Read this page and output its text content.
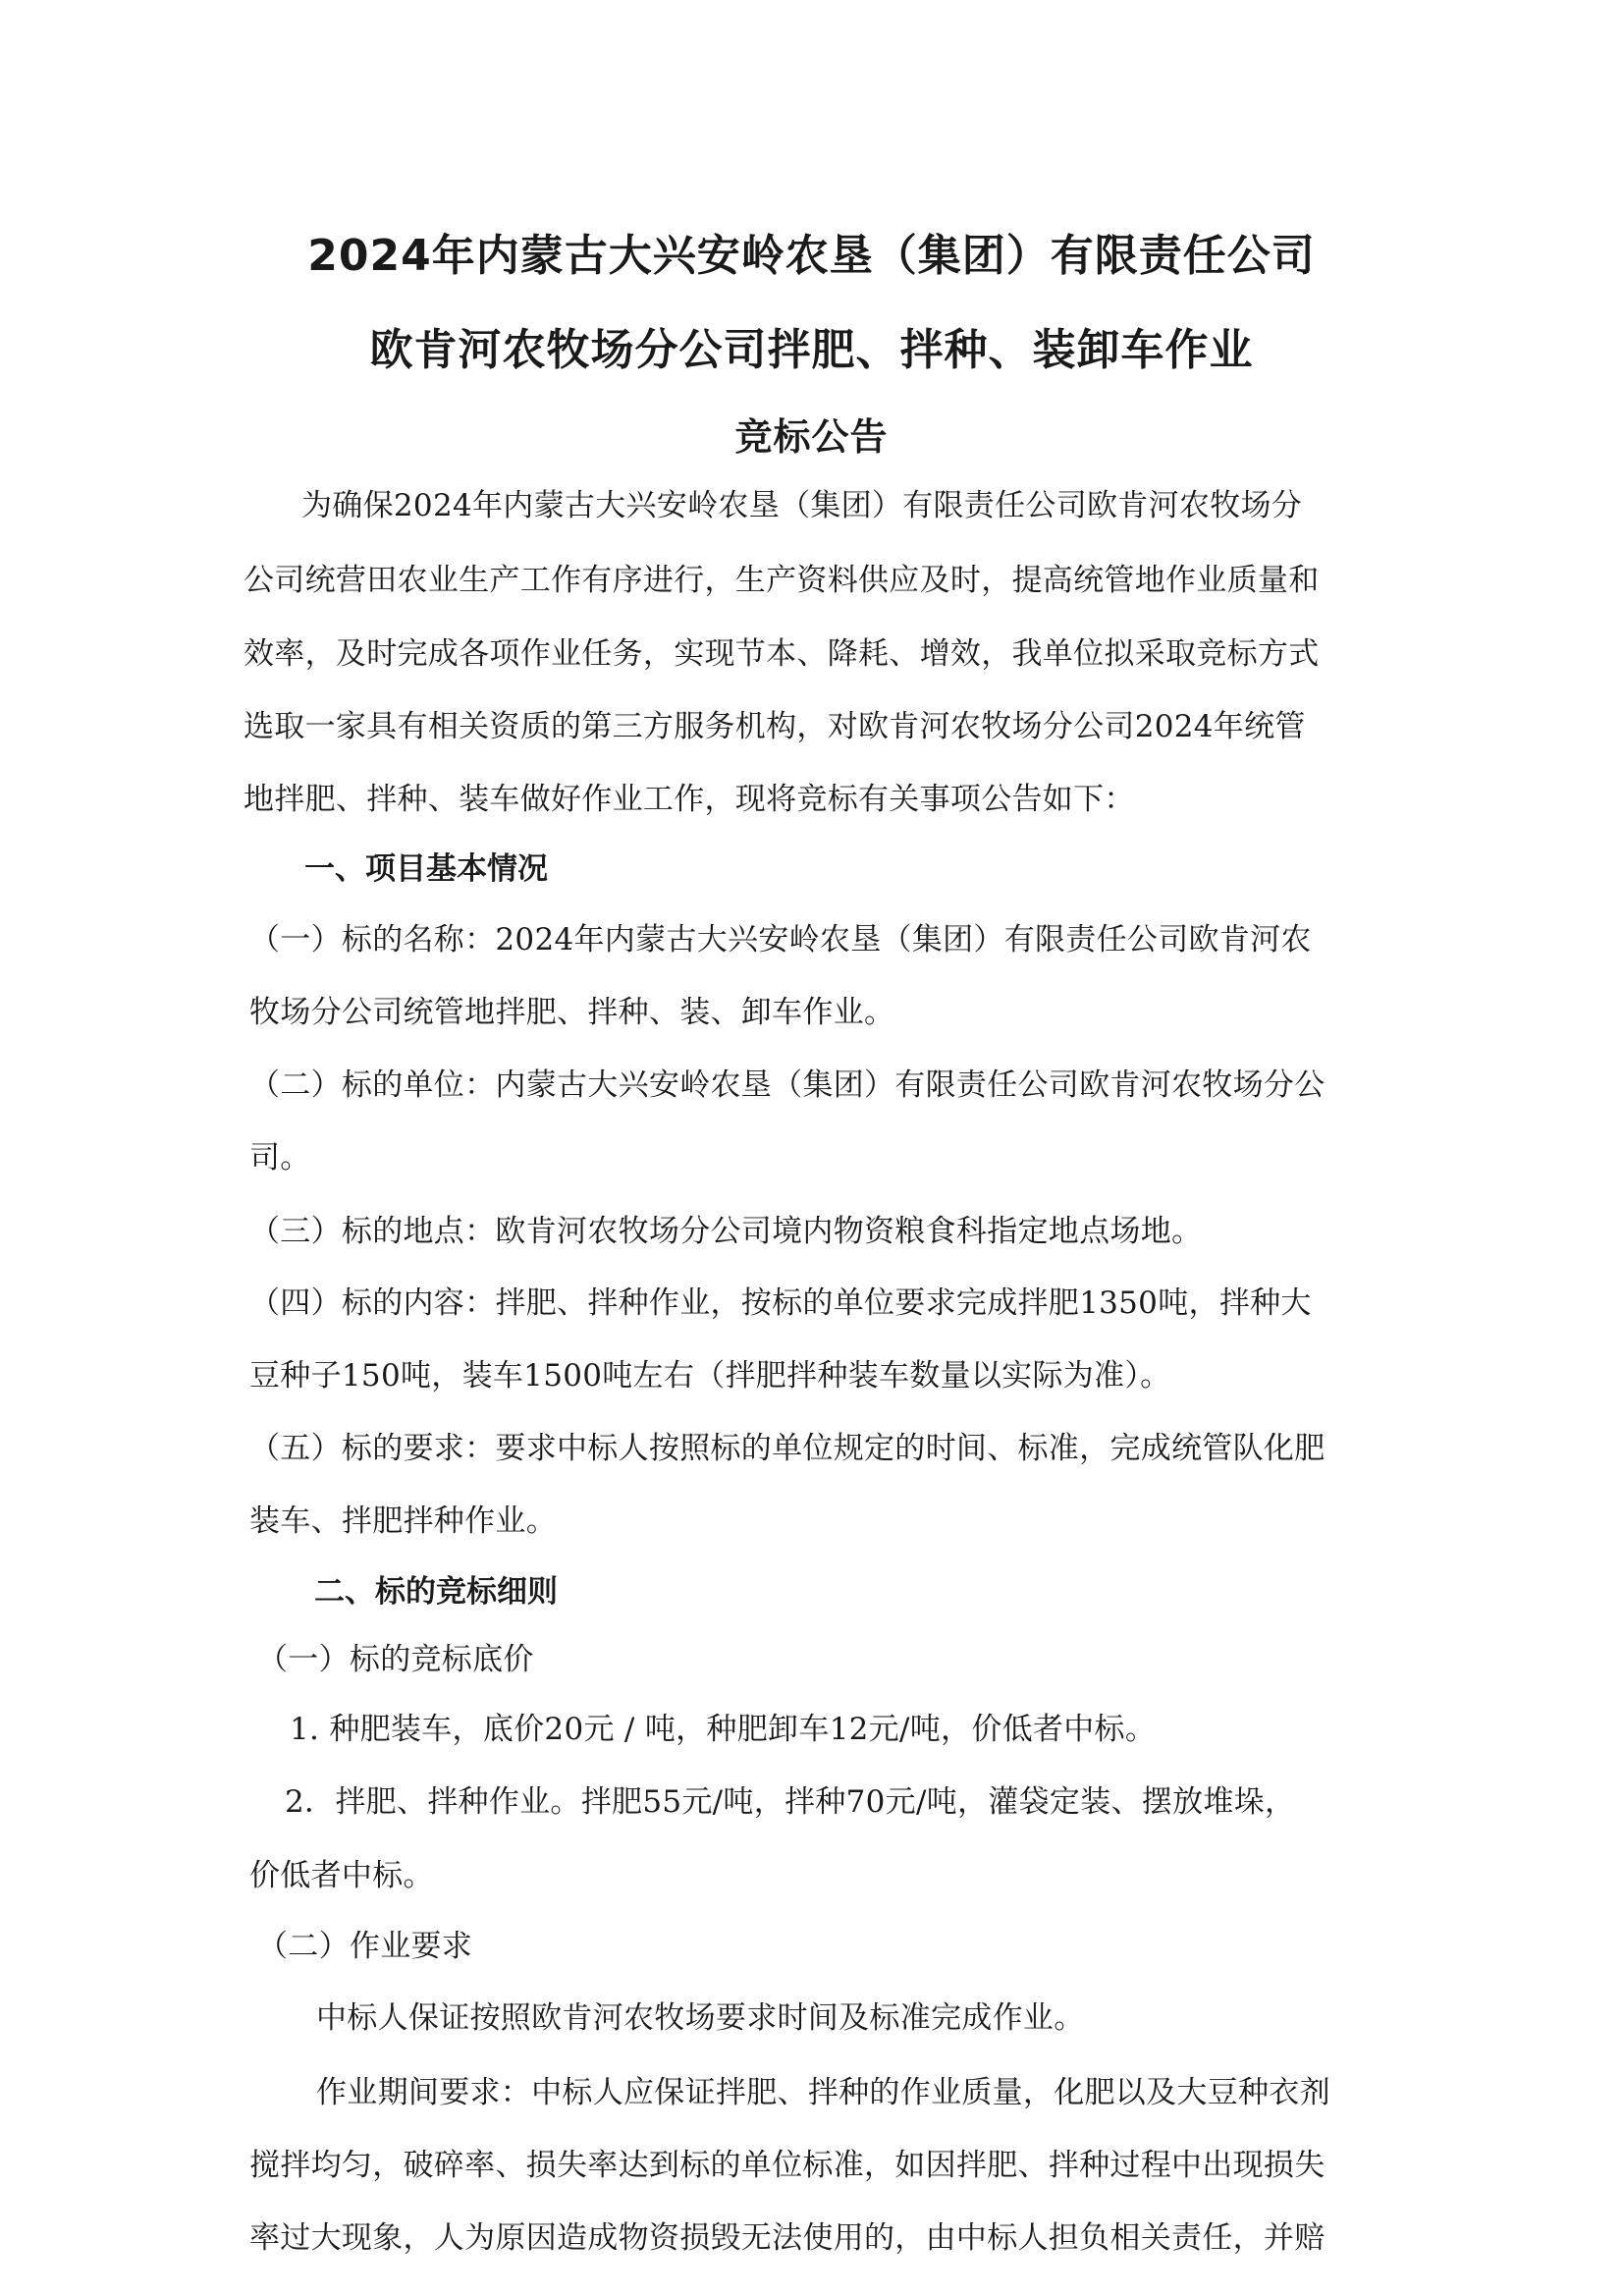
2024年内蒙古大兴安岭农垦（集团）有限责任公司
欧肯河农牧场分公司拌肥、拌种、装卸车作业
竞标公告
为确保2024年内蒙古大兴安岭农垦（集团）有限责任公司欧肯河农牧场分
公司统营田农业生产工作有序进行，生产资料供应及时，提高统管地作业质量和
效率，及时完成各项作业任务，实现节本、降耗、增效，我单位拟采取竞标方式
选取一家具有相关资质的第三方服务机构，对欧肯河农牧场分公司2024年统管
地拌肥、拌种、装车做好作业工作，现将竞标有关事项公告如下：
一、项目基本情况
（一）标的名称：2024年内蒙古大兴安岭农垦（集团）有限责任公司欧肯河农
牧场分公司统管地拌肥、拌种、装、卸车作业。
（二）标的单位：内蒙古大兴安岭农垦（集团）有限责任公司欧肯河农牧场分公
司。
（三）标的地点：欧肯河农牧场分公司境内物资粮食科指定地点场地。
（四）标的内容：拌肥、拌种作业，按标的单位要求完成拌肥1350吨，拌种大
豆种子150吨，装车1500吨左右（拌肥拌种装车数量以实际为准）。
（五）标的要求：要求中标人按照标的单位规定的时间、标准，完成统管队化肥
装车、拌肥拌种作业。
二、标的竞标细则
（一）标的竞标底价
1. 种肥装车，底价20元 / 吨，种肥卸车12元/吨，价低者中标。
2．拌肥、拌种作业。拌肥55元/吨，拌种70元/吨，灌袋定装、摆放堆垛，
价低者中标。
（二）作业要求
中标人保证按照欧肯河农牧场要求时间及标准完成作业。
作业期间要求：中标人应保证拌肥、拌种的作业质量，化肥以及大豆种衣剂
搅拌均匀，破碎率、损失率达到标的单位标准，如因拌肥、拌种过程中出现损失
率过大现象，人为原因造成物资损毁无法使用的，由中标人担负相关责任，并赔
